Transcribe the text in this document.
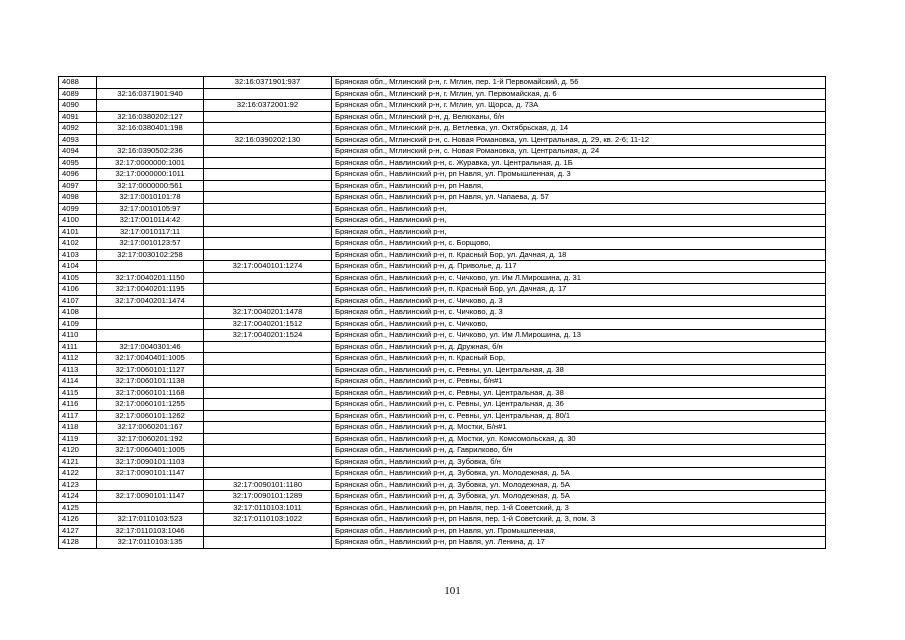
4088		32:16:0371901:937	Брянская обл., Мглинский р-н, г. Мглин, пер. 1-й Первомайский, д. 56
4089	32:16:0371901:940		Брянская обл., Мглинский р-н, г. Мглин, ул. Первомайская, д. 6
4090		32:16:0372001:92	Брянская обл., Мглинский р-н, г. Мглин, ул. Щорса, д. 73А
4091	32:16:0380202:127		Брянская обл., Мглинский р-н, д. Велюханы, б/н
4092	32:16:0380401:198		Брянская обл., Мглинский р-н, д. Ветлевка, ул. Октябрьская, д. 14
4093		32:16:0390202:130	Брянская обл., Мглинский р-н, с. Новая Романовка, ул. Центральная, д. 29, кв. 2-6; 11-12
4094	32:16:0390502:236		Брянская обл., Мглинский р-н, с. Новая Романовка, ул. Центральная, д. 24
4095	32:17:0000000:1001		Брянская обл., Навлинский р-н, с. Журавка, ул. Центральная, д. 1Б
4096	32:17:0000000:1011		Брянская обл., Навлинский р-н, рп Навля, ул. Промышленная, д. 3
4097	32:17:0000000:561		Брянская обл., Навлинский р-н, рп Навля,
4098	32:17:0010101:78		Брянская обл., Навлинский р-н, рп Навля, ул. Чапаева, д. 57
4099	32:17:0010105:97		Брянская обл., Навлинский р-н,
4100	32:17:0010114:42		Брянская обл., Навлинский р-н,
4101	32:17:0010117:11		Брянская обл., Навлинский р-н,
4102	32:17:0010123:57		Брянская обл., Навлинский р-н, с. Борщово,
4103	32:17:0030102:258		Брянская обл., Навлинский р-н, п. Красный Бор, ул. Дачная, д. 18
4104		32:17:0040101:1274	Брянская обл., Навлинский р-н, д. Приволье, д. 117
4105	32:17:0040201:1150		Брянская обл., Навлинский р-н, с. Чичково, ул. Им Л.Мирошина, д. 31
4106	32:17:0040201:1195		Брянская обл., Навлинский р-н, п. Красный Бор, ул. Дачная, д. 17
4107	32:17:0040201:1474		Брянская обл., Навлинский р-н, с. Чичково, д. 3
4108		32:17:0040201:1478	Брянская обл., Навлинский р-н, с. Чичково, д. 3
4109		32:17:0040201:1512	Брянская обл., Навлинский р-н, с. Чичково,
4110		32:17:0040201:1524	Брянская обл., Навлинский р-н, с. Чичково, ул. Им Л.Мирошина, д. 13
4111	32:17:0040301:46		Брянская обл., Навлинский р-н, д. Дружная, б/н
4112	32:17:0040401:1005		Брянская обл., Навлинский р-н, п. Красный Бор,
4113	32:17:0060101:1127		Брянская обл., Навлинский р-н, с. Ревны, ул. Центральная, д. 38
4114	32:17:0060101:1138		Брянская обл., Навлинский р-н, с. Ревны, б/н#1
4115	32:17:0060101:1168		Брянская обл., Навлинский р-н, с. Ревны, ул. Центральная, д. 38
4116	32:17:0060101:1255		Брянская обл., Навлинский р-н, с. Ревны, ул. Центральная, д. 36
4117	32:17:0060101:1262		Брянская обл., Навлинский р-н, с. Ревны, ул. Центральная, д. 80/1
4118	32:17:0060201:167		Брянская обл., Навлинский р-н, д. Мостки, Б/н#1
4119	32:17:0060201:192		Брянская обл., Навлинский р-н, д. Мостки, ул. Комсомольская, д. 30
4120	32:17:0060401:1005		Брянская обл., Навлинский р-н, д. Гаврилково, б/н
4121	32:17:0090101:1103		Брянская обл., Навлинский р-н, д. Зубовка, б/н
4122	32:17:0090101:1147		Брянская обл., Навлинский р-н, д. Зубовка, ул. Молодежная, д. 5А
4123		32:17:0090101:1180	Брянская обл., Навлинский р-н, д. Зубовка, ул. Молодежная, д. 5А
4124	32:17:0090101:1147	32:17:0090101:1289	Брянская обл., Навлинский р-н, д. Зубовка, ул. Молодежная, д. 5А
4125		32:17:0110103:1011	Брянская обл., Навлинский р-н, рп Навля, пер. 1-й Советский, д. 3
4126	32:17:0110103:523	32:17:0110103:1022	Брянская обл., Навлинский р-н, рп Навля, пер. 1-й Советский, д. 3, пом. 3
4127	32:17:0110103:1046		Брянская обл., Навлинский р-н, рп Навля, ул. Промышленная,
4128	32:17:0110103:135		Брянская обл., Навлинский р-н, рп Навля, ул. Ленина, д. 17
101
